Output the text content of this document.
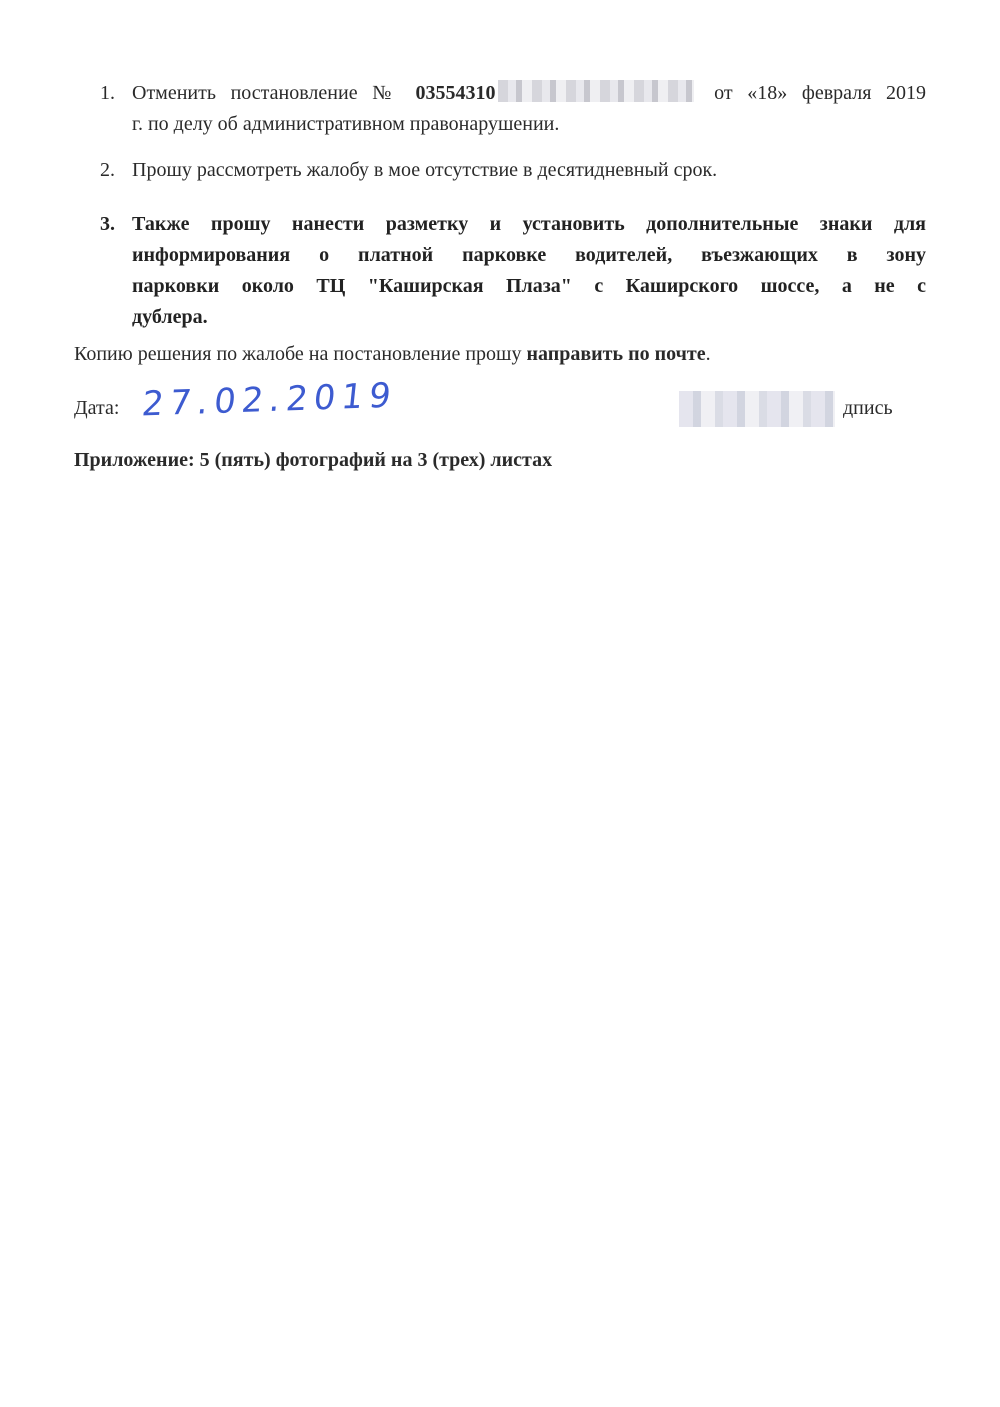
1. Отменить постановление № 03554310	от «18» февраля 2019
г. по делу об административном правонарушении.
2. Прошу рассмотреть жалобу в мое отсутствие в десятидневный срок.
3. Также прошу нанести разметку и установить дополнительные знаки для
информирования о платной парковке водителей, въезжающих в зону
парковки около ТЦ "Каширская Плаза" с Каширского шоссе, а не с
дублера.
Копию решения по жалобе на постановление прошу направить по почте.
Дата: 27.02.2019	дпись
Приложение: 5 (пять) фотографий на 3 (трех) листах
